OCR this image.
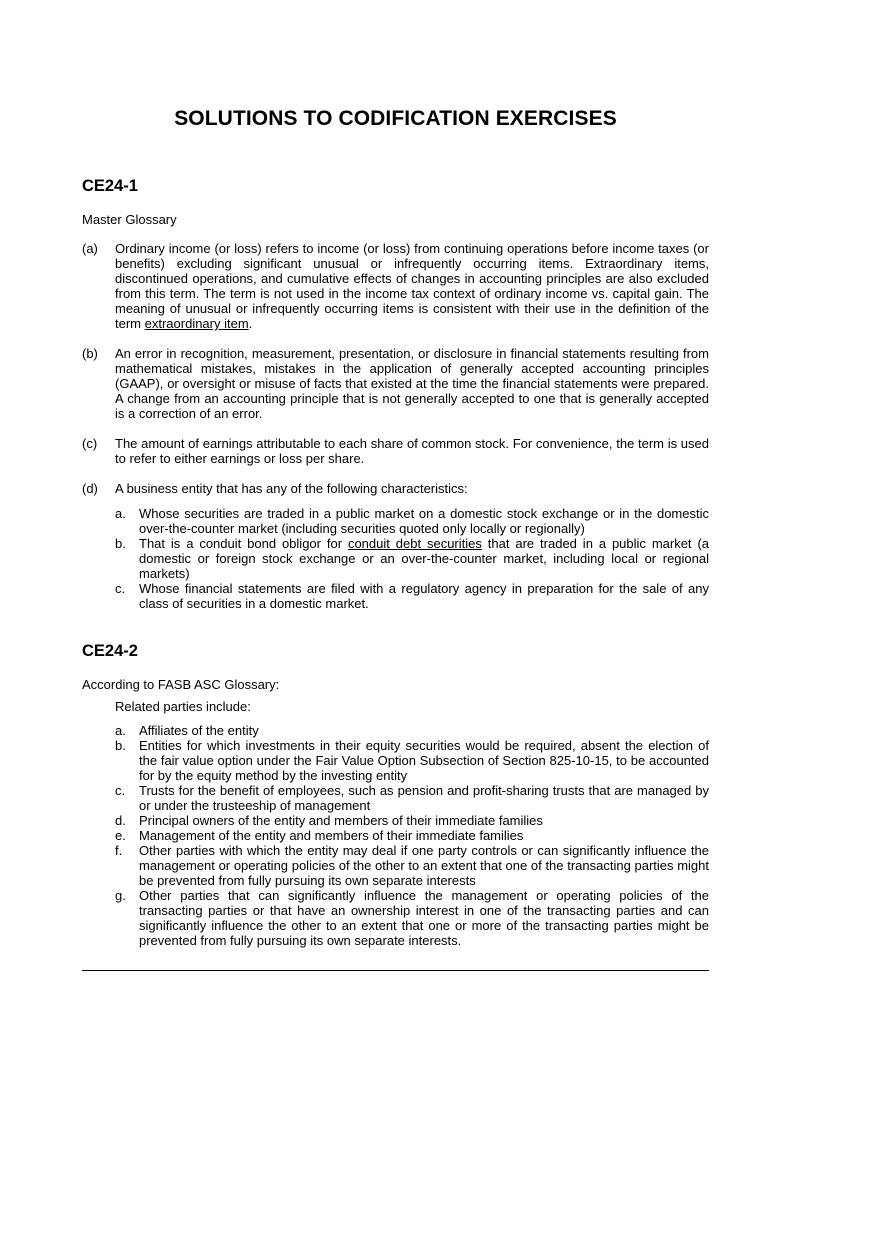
SOLUTIONS TO CODIFICATION EXERCISES
CE24-1
Master Glossary
(a) Ordinary income (or loss) refers to income (or loss) from continuing operations before income taxes (or benefits) excluding significant unusual or infrequently occurring items. Extraordinary items, discontinued operations, and cumulative effects of changes in accounting principles are also excluded from this term. The term is not used in the income tax context of ordinary income vs. capital gain. The meaning of unusual or infrequently occurring items is consistent with their use in the definition of the term extraordinary item.
(b) An error in recognition, measurement, presentation, or disclosure in financial statements resulting from mathematical mistakes, mistakes in the application of generally accepted accounting principles (GAAP), or oversight or misuse of facts that existed at the time the financial statements were prepared. A change from an accounting principle that is not generally accepted to one that is generally accepted is a correction of an error.
(c) The amount of earnings attributable to each share of common stock. For convenience, the term is used to refer to either earnings or loss per share.
(d) A business entity that has any of the following characteristics:
a. Whose securities are traded in a public market on a domestic stock exchange or in the domestic over-the-counter market (including securities quoted only locally or regionally)
b. That is a conduit bond obligor for conduit debt securities that are traded in a public market (a domestic or foreign stock exchange or an over-the-counter market, including local or regional markets)
c. Whose financial statements are filed with a regulatory agency in preparation for the sale of any class of securities in a domestic market.
CE24-2
According to FASB ASC Glossary:
Related parties include:
a. Affiliates of the entity
b. Entities for which investments in their equity securities would be required, absent the election of the fair value option under the Fair Value Option Subsection of Section 825-10-15, to be accounted for by the equity method by the investing entity
c. Trusts for the benefit of employees, such as pension and profit-sharing trusts that are managed by or under the trusteeship of management
d. Principal owners of the entity and members of their immediate families
e. Management of the entity and members of their immediate families
f. Other parties with which the entity may deal if one party controls or can significantly influence the management or operating policies of the other to an extent that one of the transacting parties might be prevented from fully pursuing its own separate interests
g. Other parties that can significantly influence the management or operating policies of the transacting parties or that have an ownership interest in one of the transacting parties and can significantly influence the other to an extent that one or more of the transacting parties might be prevented from fully pursuing its own separate interests.
